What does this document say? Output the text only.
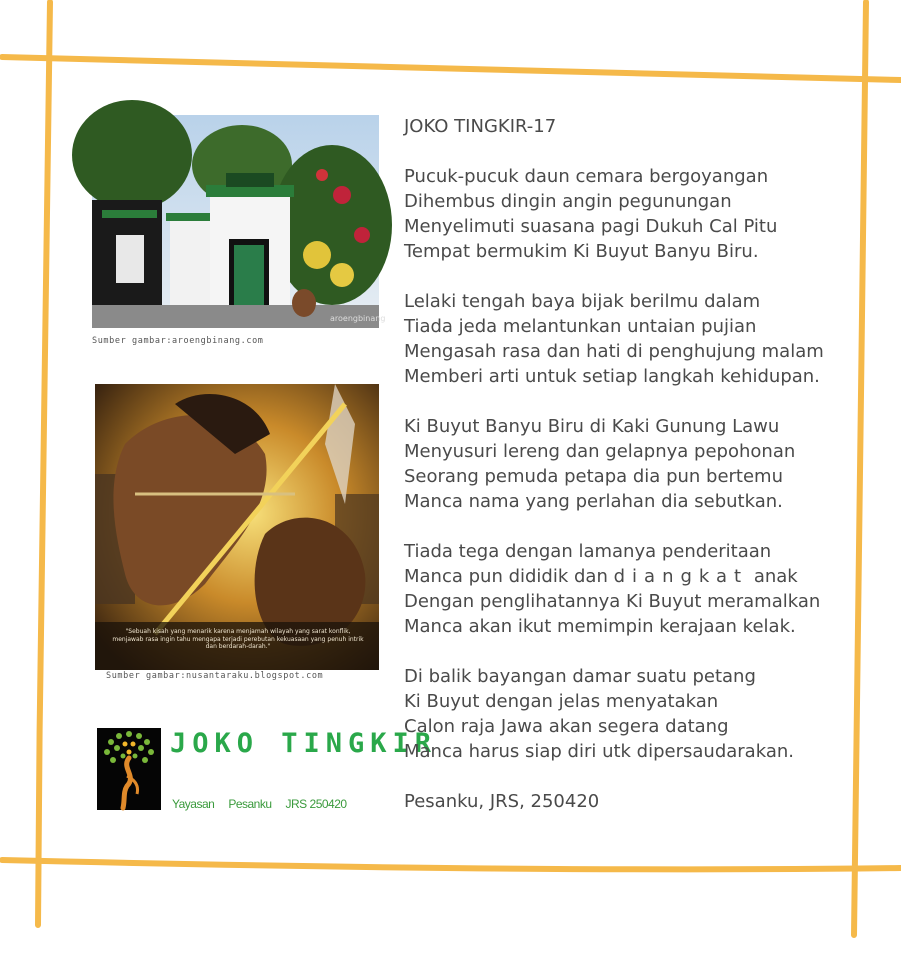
aroengbinang
Sumber gambar:aroengbinang.com
"Sebuah kisah yang menarik karena menjamah wilayah yang sarat konflik, menjawab rasa ingin tahu mengapa terjadi perebutan kekuasaan yang penuh intrik dan berdarah-darah."
Sumber gambar:nusantaraku.blogspot.com
JOKO TINGKIR
Yayasan Pesanku JRS 250420
JOKO TINGKIR-17
Pucuk-pucuk daun cemara bergoyangan
Dihembus dingin angin pegunungan
Menyelimuti suasana pagi Dukuh Cal Pitu
Tempat bermukim Ki Buyut Banyu Biru.
Lelaki tengah baya bijak berilmu dalam
Tiada jeda melantunkan untaian pujian
Mengasah rasa dan hati di penghujung malam
Memberi arti untuk setiap langkah kehidupan.
Ki Buyut Banyu Biru di Kaki Gunung Lawu
Menyusuri lereng dan gelapnya pepohonan
Seorang pemuda petapa dia pun bertemu
Manca nama yang perlahan dia sebutkan.
Tiada tega dengan lamanya penderitaan
Manca pun dididik dan diangkat anak
Dengan penglihatannya Ki Buyut meramalkan
Manca akan ikut memimpin kerajaan kelak.
Di balik bayangan damar suatu petang
Ki Buyut dengan jelas menyatakan
Calon raja Jawa akan segera datang
Manca harus siap diri utk dipersaudarakan.
Pesanku, JRS, 250420
